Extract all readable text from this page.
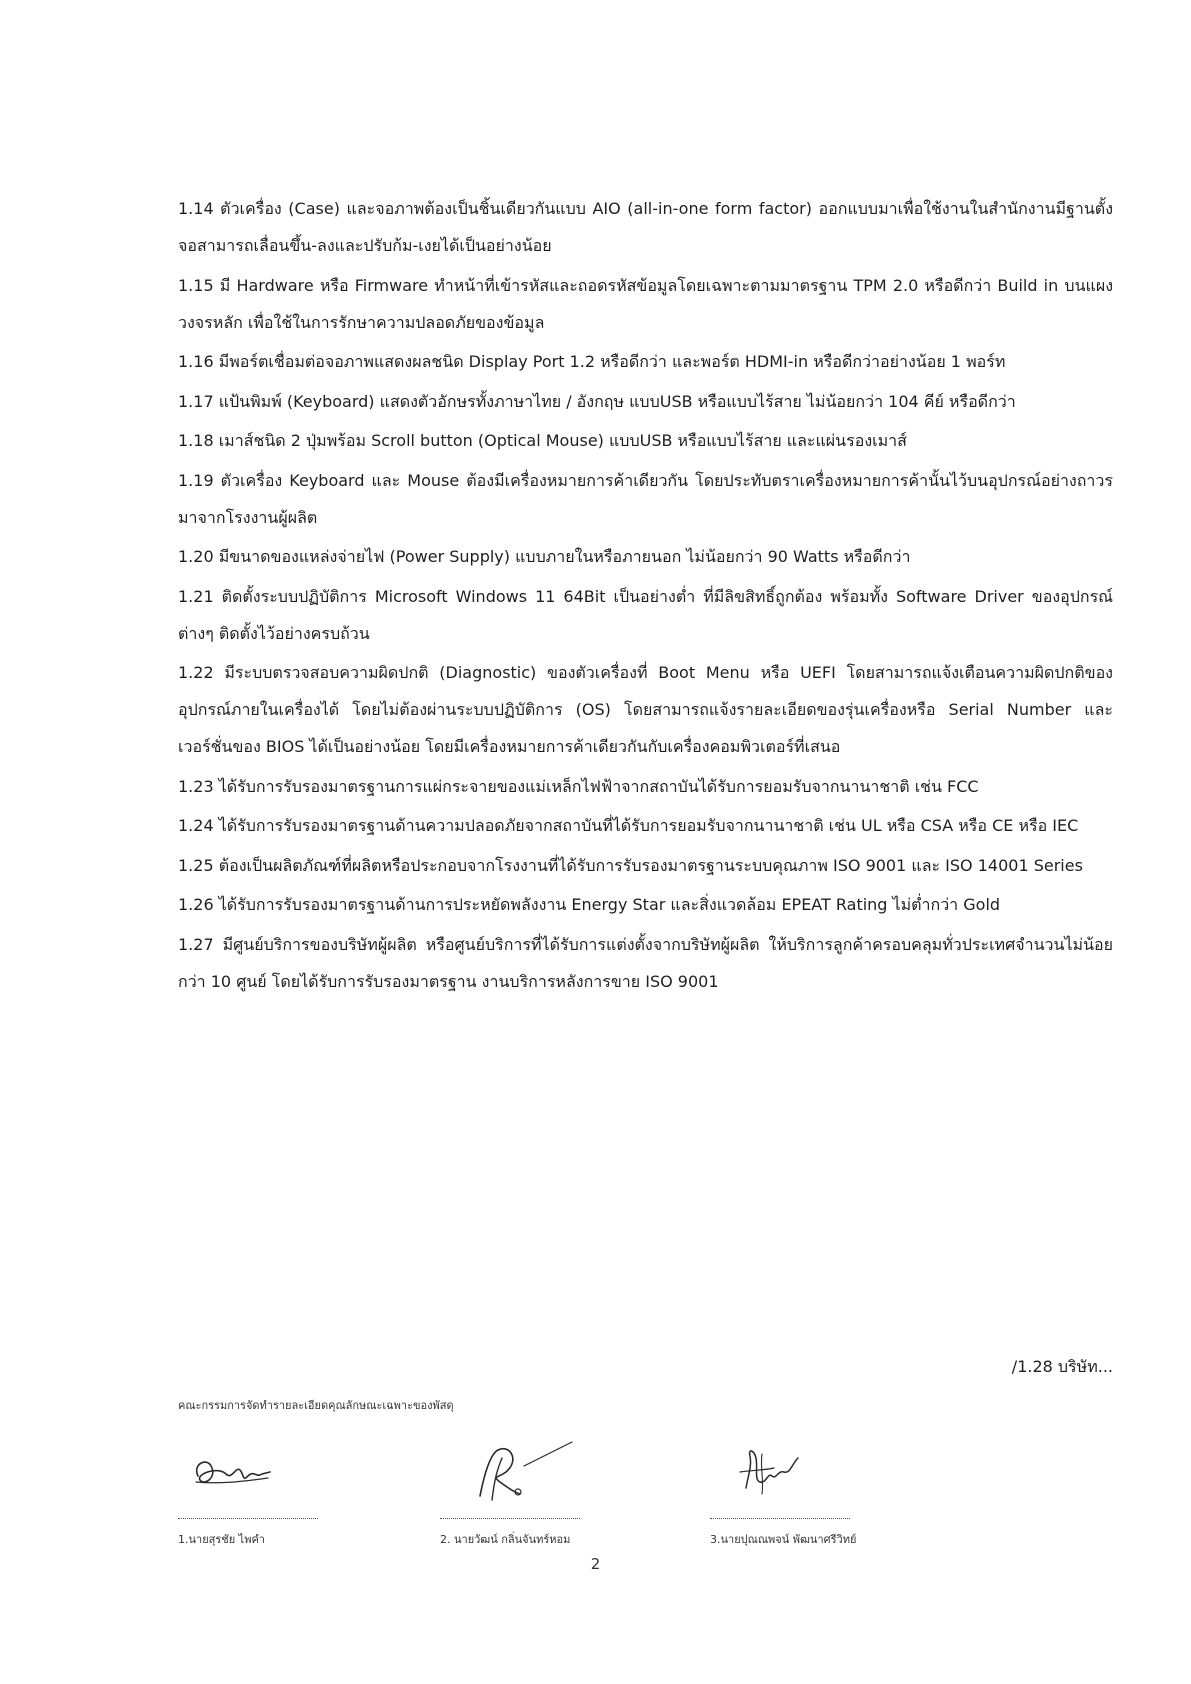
1.14 ตัวเครื่อง (Case) และจอภาพต้องเป็นชิ้นเดียวกันแบบ AIO (all-in-one form factor) ออกแบบมาเพื่อใช้งานในสำนักงานมีฐานตั้งจอสามารถเลื่อนขึ้น-ลงและปรับก้ม-เงยได้เป็นอย่างน้อย

1.15 มี Hardware หรือ Firmware ทำหน้าที่เข้ารหัสและถอดรหัสข้อมูลโดยเฉพาะตามมาตรฐาน TPM 2.0 หรือดีกว่า Build in บนแผงวงจรหลัก เพื่อใช้ในการรักษาความปลอดภัยของข้อมูล

1.16 มีพอร์ตเชื่อมต่อจอภาพแสดงผลชนิด Display Port 1.2 หรือดีกว่า และพอร์ต HDMI-in หรือดีกว่าอย่างน้อย 1 พอร์ท

1.17 แป้นพิมพ์ (Keyboard) แสดงตัวอักษรทั้งภาษาไทย / อังกฤษ แบบUSB หรือแบบไร้สาย ไม่น้อยกว่า 104 คีย์ หรือดีกว่า

1.18 เมาส์ชนิด 2 ปุ่มพร้อม Scroll button (Optical Mouse) แบบUSB หรือแบบไร้สาย และแผ่นรองเมาส์

1.19 ตัวเครื่อง Keyboard และ Mouse ต้องมีเครื่องหมายการค้าเดียวกัน โดยประทับตราเครื่องหมายการค้านั้นไว้บนอุปกรณ์อย่างถาวรมาจากโรงงานผู้ผลิต

1.20 มีขนาดของแหล่งจ่ายไฟ (Power Supply) แบบภายในหรือภายนอก ไม่น้อยกว่า 90 Watts หรือดีกว่า

1.21 ติดตั้งระบบปฏิบัติการ Microsoft Windows 11 64Bit เป็นอย่างต่ำ ที่มีลิขสิทธิ์ถูกต้อง พร้อมทั้ง Software Driver ของอุปกรณ์ต่างๆ ติดตั้งไว้อย่างครบถ้วน

1.22 มีระบบตรวจสอบความผิดปกติ (Diagnostic) ของตัวเครื่องที่ Boot Menu หรือ UEFI โดยสามารถแจ้งเตือนความผิดปกติของอุปกรณ์ภายในเครื่องได้ โดยไม่ต้องผ่านระบบปฏิบัติการ (OS) โดยสามารถแจ้งรายละเอียดของรุ่นเครื่องหรือ Serial Number และเวอร์ชั่นของ BIOS ได้เป็นอย่างน้อย โดยมีเครื่องหมายการค้าเดียวกันกับเครื่องคอมพิวเตอร์ที่เสนอ

1.23 ได้รับการรับรองมาตรฐานการแผ่กระจายของแม่เหล็กไฟฟ้าจากสถาบันได้รับการยอมรับจากนานาชาติ เช่น FCC

1.24 ได้รับการรับรองมาตรฐานด้านความปลอดภัยจากสถาบันที่ได้รับการยอมรับจากนานาชาติ เช่น UL หรือ CSA หรือ CE หรือ IEC

1.25 ต้องเป็นผลิตภัณฑ์ที่ผลิตหรือประกอบจากโรงงานที่ได้รับการรับรองมาตรฐานระบบคุณภาพ ISO 9001 และ ISO 14001 Series

1.26 ได้รับการรับรองมาตรฐานด้านการประหยัดพลังงาน Energy Star และสิ่งแวดล้อม EPEAT Rating ไม่ต่ำกว่า Gold

1.27 มีศูนย์บริการของบริษัทผู้ผลิต หรือศูนย์บริการที่ได้รับการแต่งตั้งจากบริษัทผู้ผลิต ให้บริการลูกค้าครอบคลุมทั่วประเทศจำนวนไม่น้อยกว่า 10 ศูนย์ โดยได้รับการรับรองมาตรฐาน งานบริการหลังการขาย ISO 9001

/1.28 บริษัท...
คณะกรรมการจัดทำรายละเอียดคุณลักษณะเฉพาะของพัสดุ
1.นายสุรชัย ไพคำ	2. นายวัฒน์ กลิ่นจันทร์หอม	3.นายปุณณพจน์ พัฒนาศรีวิทย์
2
